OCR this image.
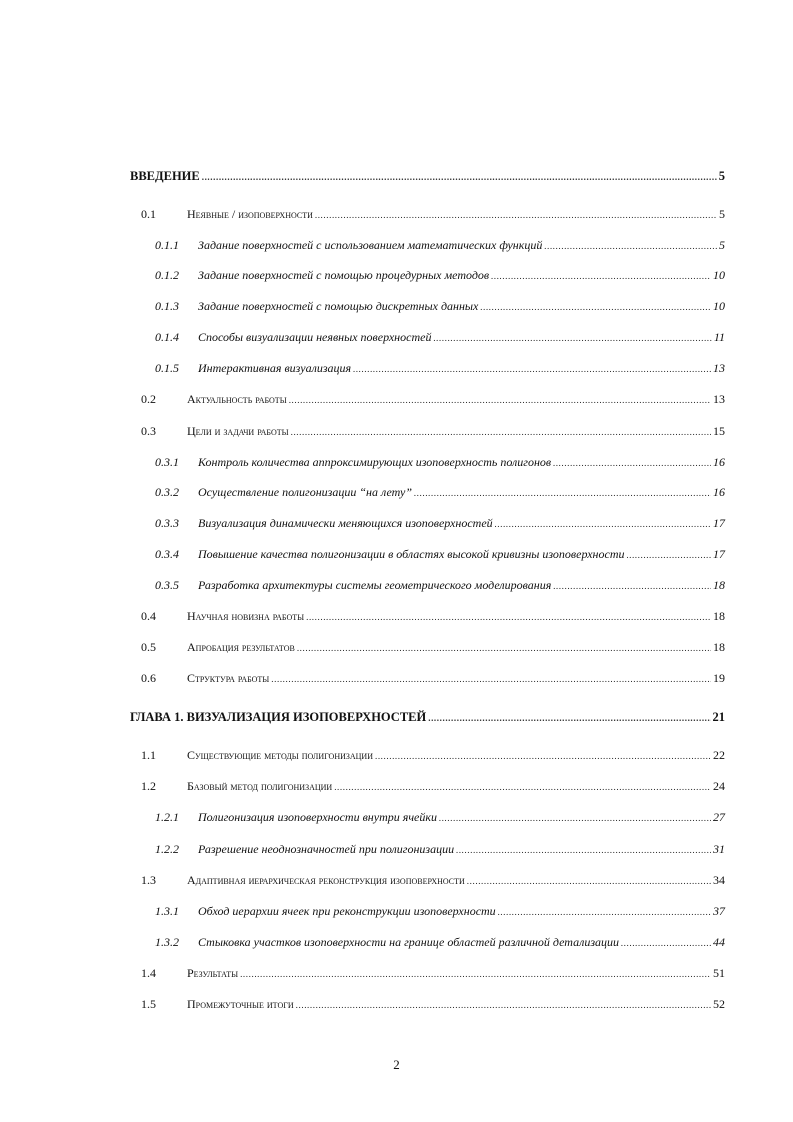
ВВЕДЕНИЕ .....	5
0.1	Неявные / изоповерхности .....	5
0.1.1	Задание поверхностей с использованием математических функций .....	5
0.1.2	Задание поверхностей с помощью процедурных методов .....	10
0.1.3	Задание поверхностей с помощью дискретных данных .....	10
0.1.4	Способы визуализации неявных поверхностей .....	11
0.1.5	Интерактивная визуализация .....	13
0.2	Актуальность работы .....	13
0.3	Цели и задачи работы .....	15
0.3.1	Контроль количества аппроксимирующих изоповерхность полигонов .....	16
0.3.2	Осуществление полигонизации “на лету” .....	16
0.3.3	Визуализация динамически меняющихся изоповерхностей .....	17
0.3.4	Повышение качества полигонизации в областях высокой кривизны изоповерхности .....	17
0.3.5	Разработка архитектуры системы геометрического моделирования .....	18
0.4	Научная новизна работы .....	18
0.5	Апробация результатов .....	18
0.6	Структура работы .....	19
ГЛАВА 1. ВИЗУАЛИЗАЦИЯ ИЗОПОВЕРХНОСТЕЙ .....	21
1.1	Существующие методы полигонизации .....	22
1.2	Базовый метод полигонизации .....	24
1.2.1	Полигонизация изоповерхности внутри ячейки .....	27
1.2.2	Разрешение неоднозначностей при полигонизации .....	31
1.3	Адаптивная иерархическая реконструкция изоповерхности .....	34
1.3.1	Обход иерархии ячеек при реконструкции изоповерхности .....	37
1.3.2	Стыковка участков изоповерхности на границе областей различной детализации .....	44
1.4	Результаты .....	51
1.5	Промежуточные итоги .....	52
2
